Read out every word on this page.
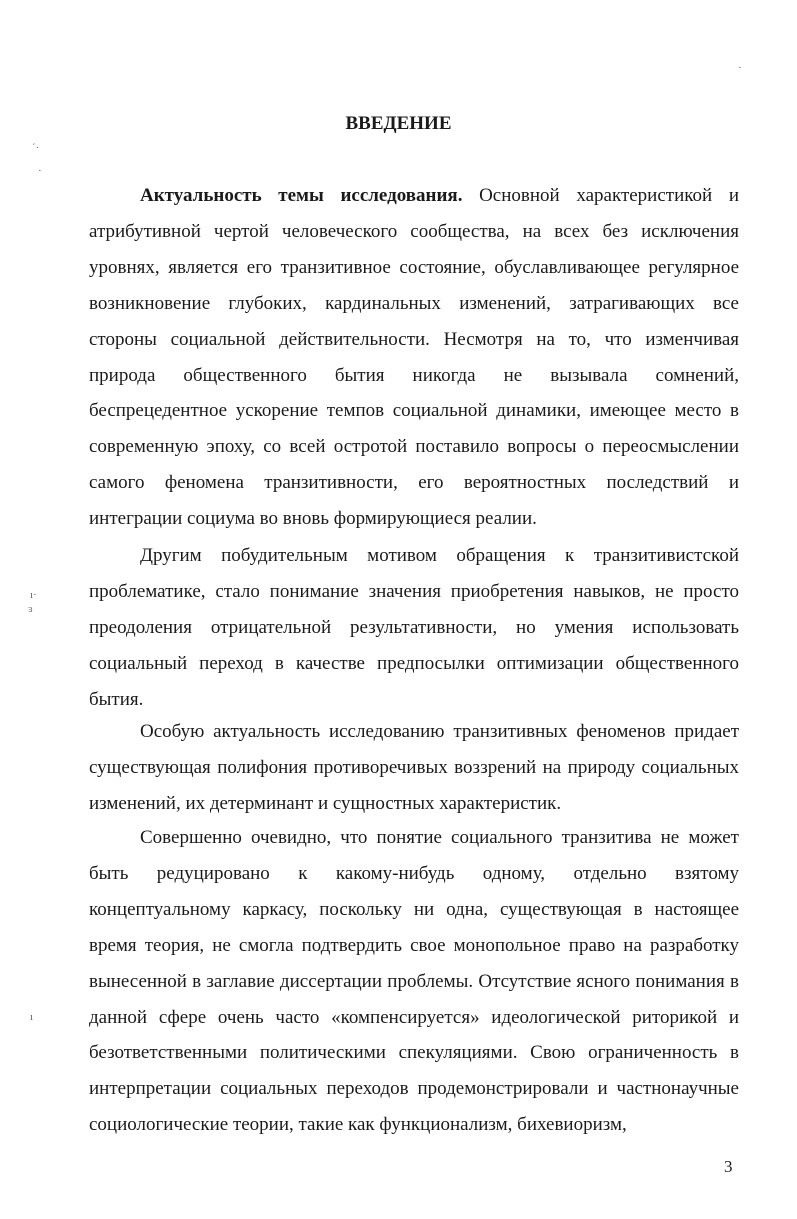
ВВЕДЕНИЕ

Актуальность темы исследования. Основной характеристикой и атрибутивной чертой человеческого сообщества, на всех без исключения уровнях, является его транзитивное состояние, обуславливающее регулярное возникновение глубоких, кардинальных изменений, затрагивающих все стороны социальной действительности. Несмотря на то, что изменчивая природа общественного бытия никогда не вызывала сомнений, беспрецедентное ускорение темпов социальной динамики, имеющее место в современную эпоху, со всей остротой поставило вопросы о переосмыслении самого феномена транзитивности, его вероятностных последствий и интеграции социума во вновь формирующиеся реалии.

Другим побудительным мотивом обращения к транзитивистской проблематике, стало понимание значения приобретения навыков, не просто преодоления отрицательной результативности, но умения использовать социальный переход в качестве предпосылки оптимизации общественного бытия.

Особую актуальность исследованию транзитивных феноменов придает существующая полифония противоречивых воззрений на природу социальных изменений, их детерминант и сущностных характеристик.

Совершенно очевидно, что понятие социального транзитива не может быть редуцировано к какому-нибудь одному, отдельно взятому концептуальному каркасу, поскольку ни одна, существующая в настоящее время теория, не смогла подтвердить свое монопольное право на разработку вынесенной в заглавие диссертации проблемы. Отсутствие ясного понимания в данной сфере очень часто «компенсируется» идеологической риторикой и безответственными политическими спекуляциями. Свою ограниченность в интерпретации социальных переходов продемонстрировали и частнонаучные социологические теории, такие как функционализм, бихевиоризм,

3
ˊ·
·
ı·
ɜ
ı
·
